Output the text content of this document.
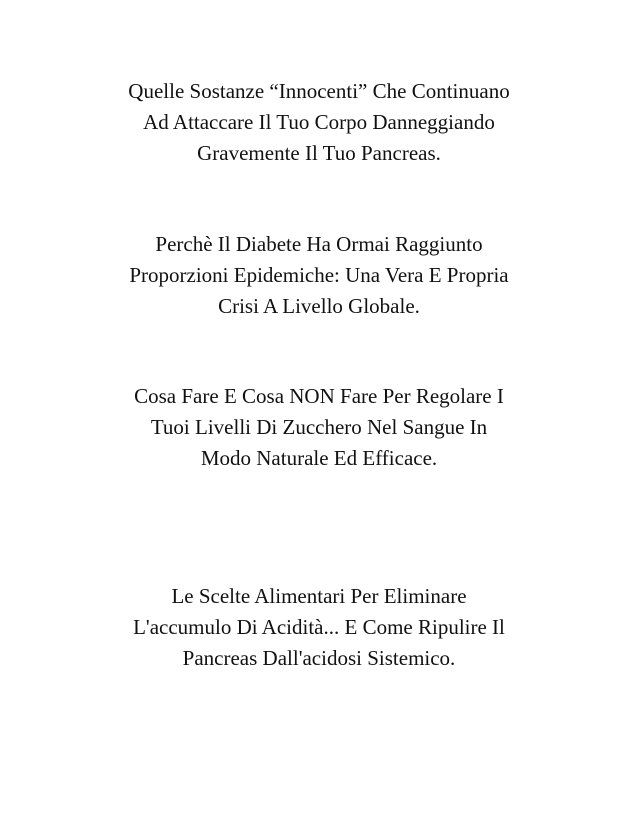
Quelle Sostanze “Innocenti” Che Continuano
Ad Attaccare Il Tuo Corpo Danneggiando
Gravemente Il Tuo Pancreas.

Perchè Il Diabete Ha Ormai Raggiunto
Proporzioni Epidemiche: Una Vera E Propria
Crisi A Livello Globale.

Cosa Fare E Cosa NON Fare Per Regolare I
Tuoi Livelli Di Zucchero Nel Sangue In
Modo Naturale Ed Efficace.

Le Scelte Alimentari Per Eliminare
L'accumulo Di Acidità... E Come Ripulire Il
Pancreas Dall'acidosi Sistemico.
